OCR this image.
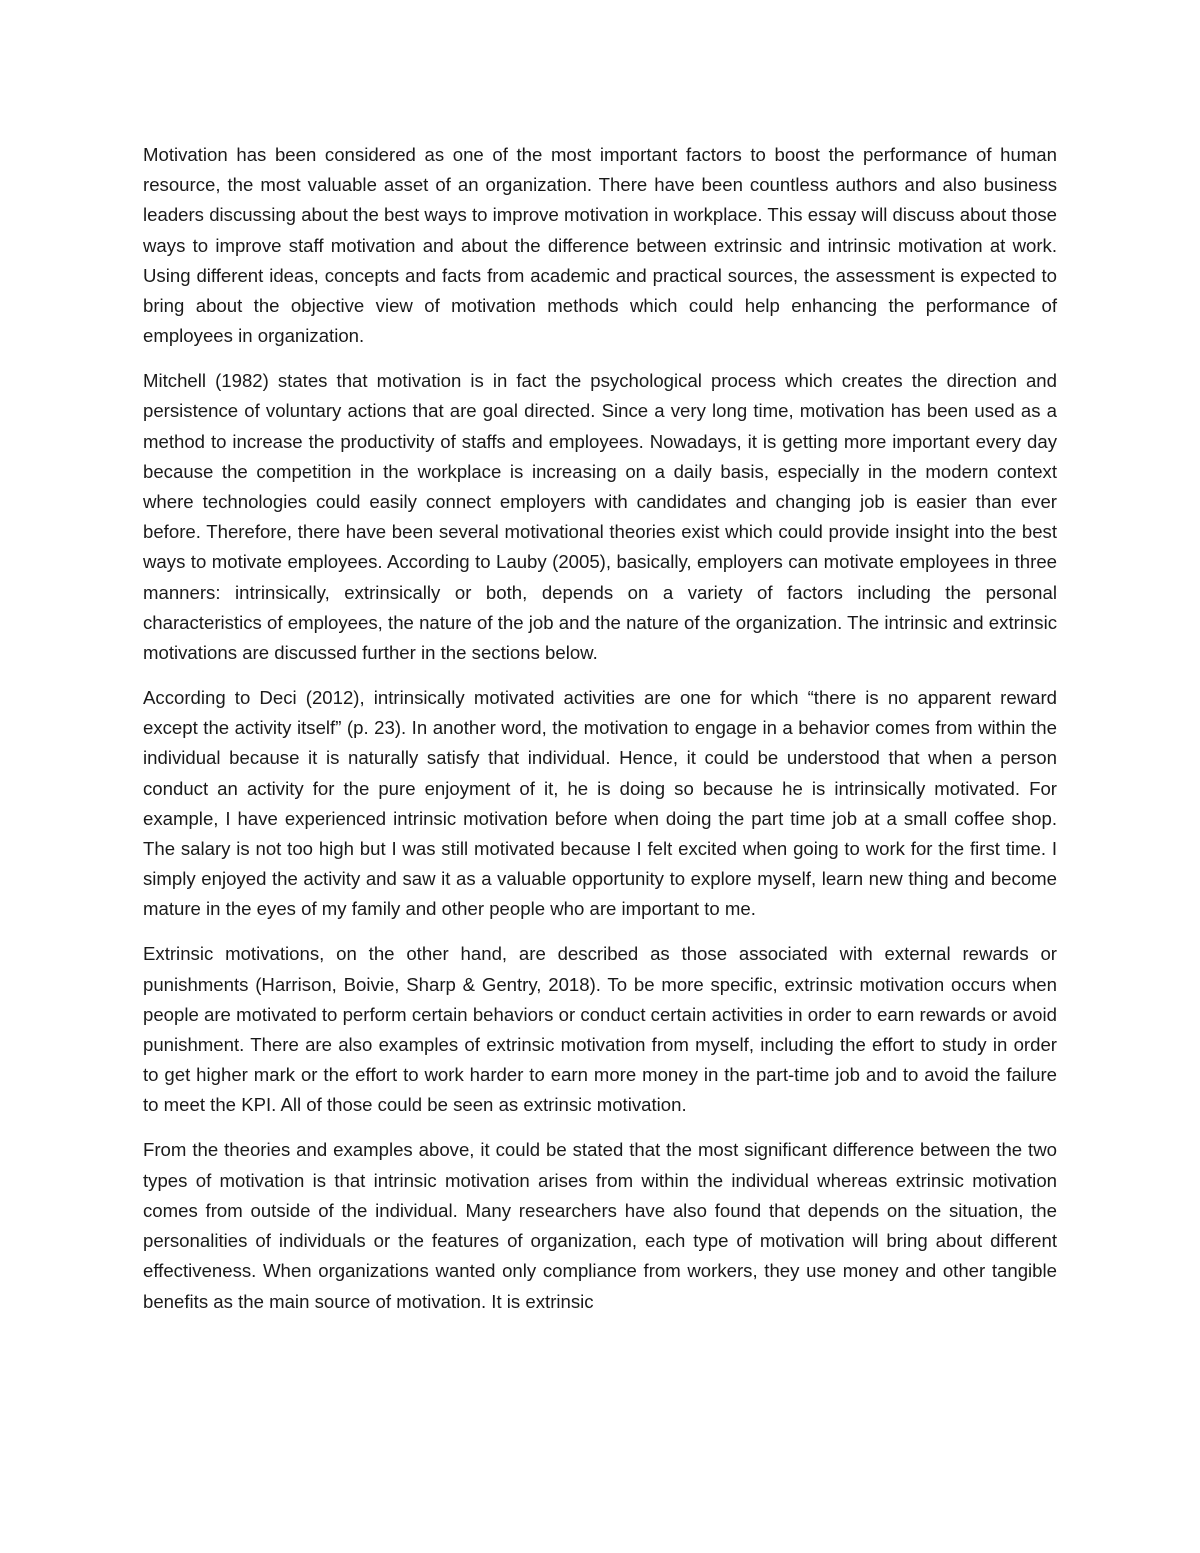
Motivation has been considered as one of the most important factors to boost the performance of human resource, the most valuable asset of an organization. There have been countless authors and also business leaders discussing about the best ways to improve motivation in workplace. This essay will discuss about those ways to improve staff motivation and about the difference between extrinsic and intrinsic motivation at work. Using different ideas, concepts and facts from academic and practical sources, the assessment is expected to bring about the objective view of motivation methods which could help enhancing the performance of employees in organization.

Mitchell (1982) states that motivation is in fact the psychological process which creates the direction and persistence of voluntary actions that are goal directed. Since a very long time, motivation has been used as a method to increase the productivity of staffs and employees. Nowadays, it is getting more important every day because the competition in the workplace is increasing on a daily basis, especially in the modern context where technologies could easily connect employers with candidates and changing job is easier than ever before. Therefore, there have been several motivational theories exist which could provide insight into the best ways to motivate employees. According to Lauby (2005), basically, employers can motivate employees in three manners: intrinsically, extrinsically or both, depends on a variety of factors including the personal characteristics of employees, the nature of the job and the nature of the organization. The intrinsic and extrinsic motivations are discussed further in the sections below.

According to Deci (2012), intrinsically motivated activities are one for which “there is no apparent reward except the activity itself” (p. 23). In another word, the motivation to engage in a behavior comes from within the individual because it is naturally satisfy that individual. Hence, it could be understood that when a person conduct an activity for the pure enjoyment of it, he is doing so because he is intrinsically motivated. For example, I have experienced intrinsic motivation before when doing the part time job at a small coffee shop. The salary is not too high but I was still motivated because I felt excited when going to work for the first time. I simply enjoyed the activity and saw it as a valuable opportunity to explore myself, learn new thing and become mature in the eyes of my family and other people who are important to me.

Extrinsic motivations, on the other hand, are described as those associated with external rewards or punishments (Harrison, Boivie, Sharp & Gentry, 2018). To be more specific, extrinsic motivation occurs when people are motivated to perform certain behaviors or conduct certain activities in order to earn rewards or avoid punishment. There are also examples of extrinsic motivation from myself, including the effort to study in order to get higher mark or the effort to work harder to earn more money in the part-time job and to avoid the failure to meet the KPI. All of those could be seen as extrinsic motivation.

From the theories and examples above, it could be stated that the most significant difference between the two types of motivation is that intrinsic motivation arises from within the individual whereas extrinsic motivation comes from outside of the individual. Many researchers have also found that depends on the situation, the personalities of individuals or the features of organization, each type of motivation will bring about different effectiveness. When organizations wanted only compliance from workers, they use money and other tangible benefits as the main source of motivation. It is extrinsic
